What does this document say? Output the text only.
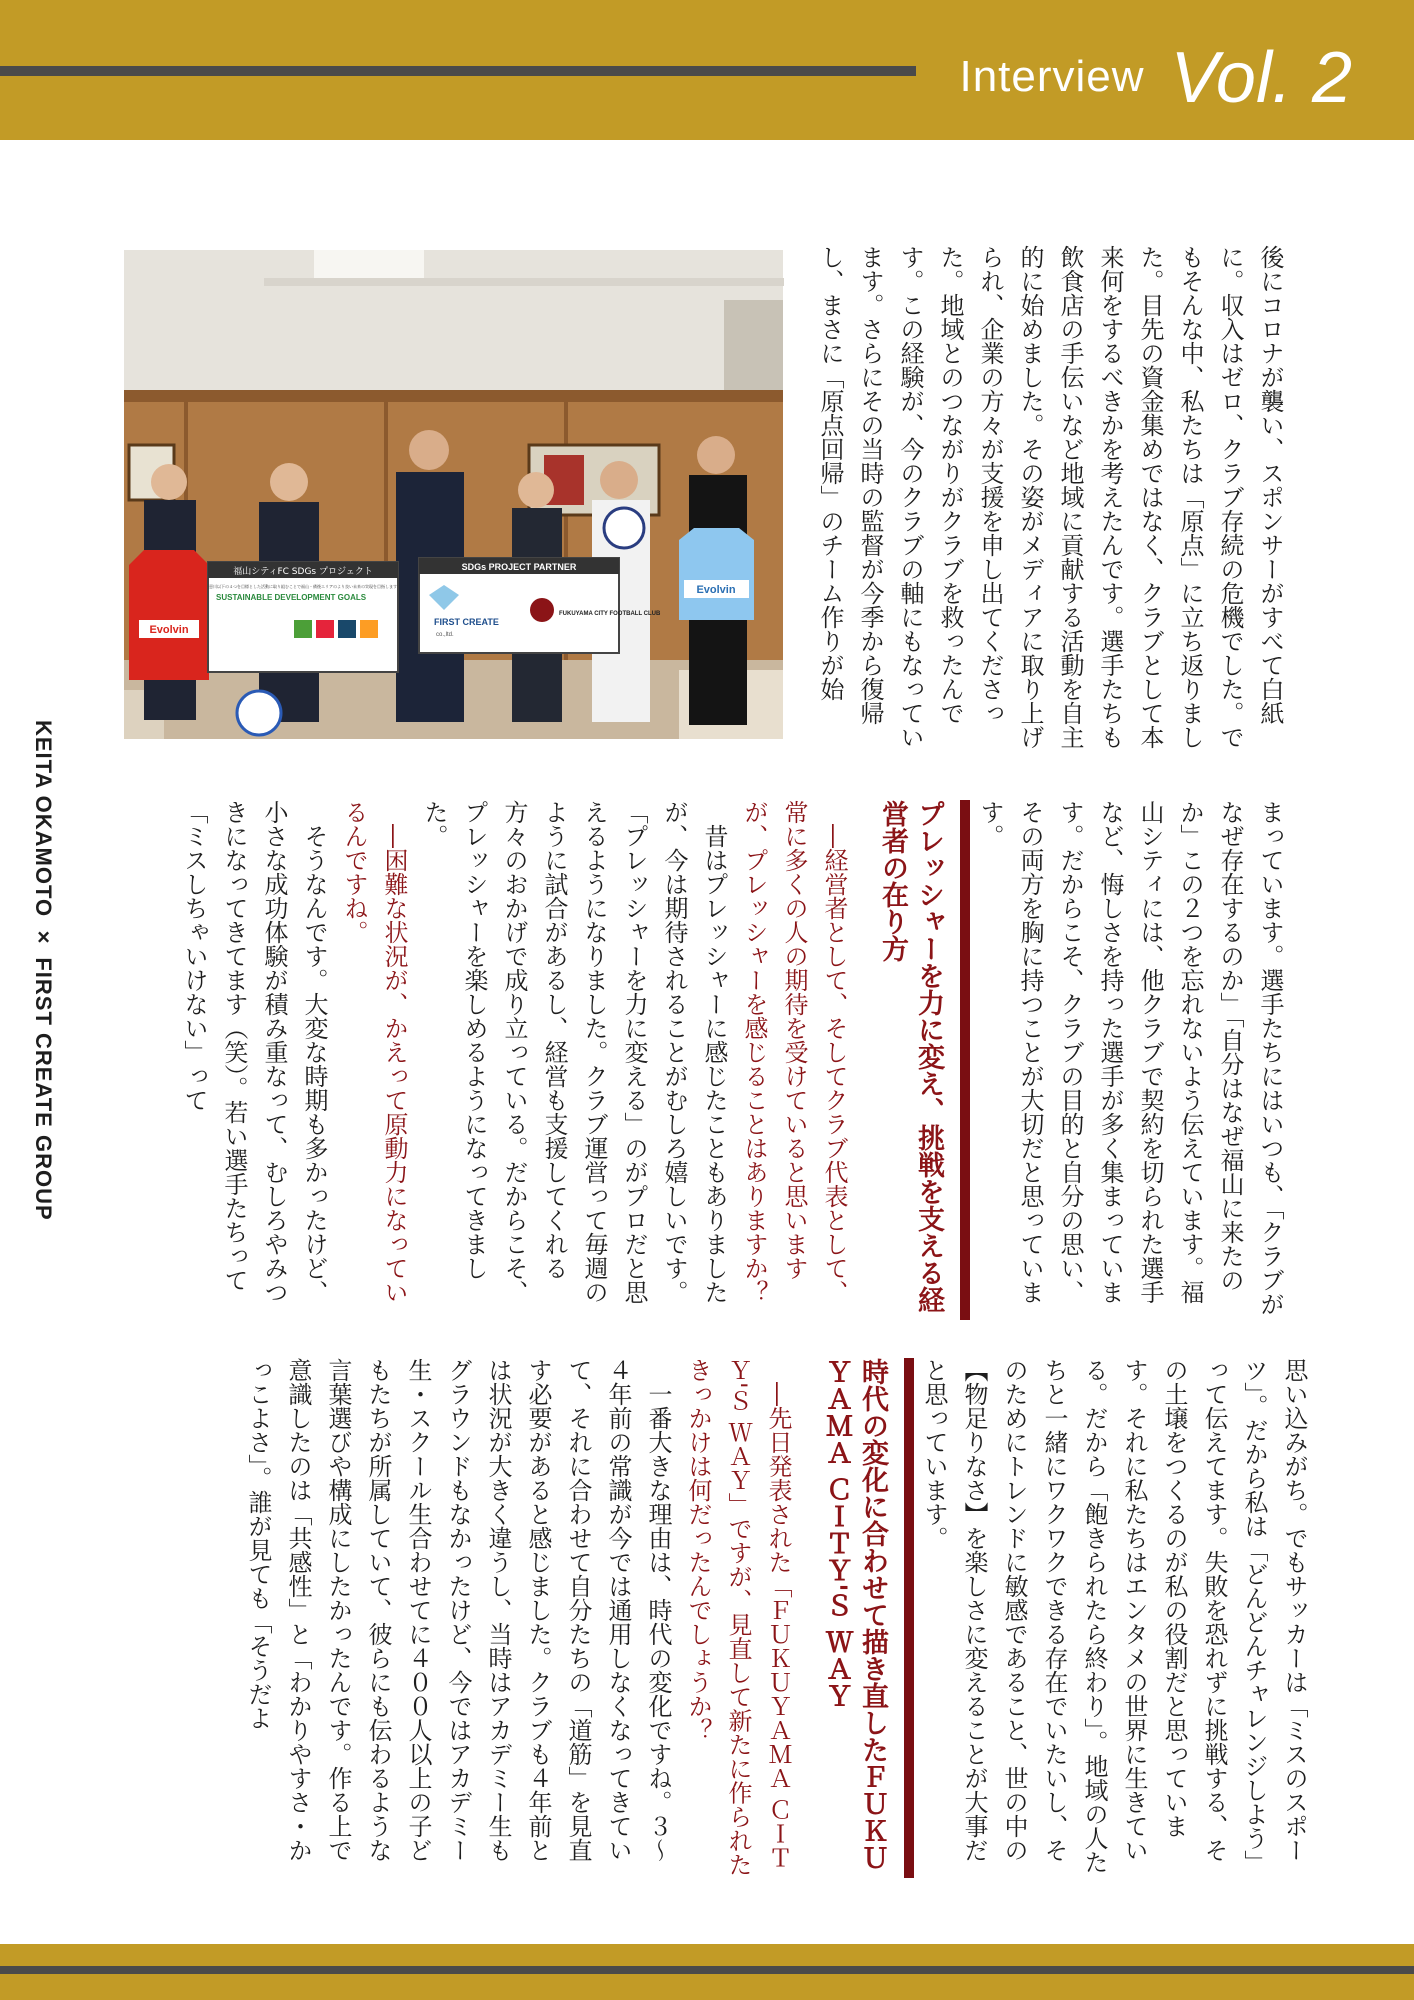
Interview Vol. 2
Evolvin
Evolvin
福山シティFC SDGs プロジェクト
SUSTAINABLE DEVELOPMENT GOALS
恵川以下の４つを目標とした活動に取り組むことで福山・備後エリアのより良い未来の実現を目指します
SDGs PROJECT PARTNER
FIRST CREATE
co.,ltd.
FUKUYAMA CITY FOOTBALL CLUB	後にコロナが襲い、スポンサーがすべて白紙に。収入はゼロ、クラブ存続の危機でした。でもそんな中、私たちは「原点」に立ち返りました。目先の資金集めではなく、クラブとして本来何をするべきかを考えたんです。選手たちも飲食店の手伝いなど地域に貢献する活動を自主的に始めました。その姿がメディアに取り上げられ、企業の方々が支援を申し出てくださった。地域とのつながりがクラブを救ったんです。この経験が、今のクラブの軸にもなっています。さらにその当時の監督が今季から復帰し、まさに「原点回帰」のチーム作りが始

まっています。選手たちにはいつも、「クラブがなぜ存在するのか」「自分はなぜ福山に来たのか」この２つを忘れないよう伝えています。福山シティには、他クラブで契約を切られた選手など、悔しさを持った選手が多く集まっています。だからこそ、クラブの目的と自分の思い、その両方を胸に持つことが大切だと思っています。

プレッシャーを力に変え、挑戦を支える経営者の在り方

―経営者として、そしてクラブ代表として、常に多くの人の期待を受けていると思いますが、プレッシャーを感じることはありますか？

昔はプレッシャーに感じたこともありましたが、今は期待されることがむしろ嬉しいです。「プレッシャーを力に変える」のがプロだと思えるようになりました。クラブ運営って毎週のように試合があるし、経営も支援してくれる方々のおかげで成り立っている。だからこそ、プレッシャーを楽しめるようになってきました。

―困難な状況が、かえって原動力になっているんですね。

そうなんです。大変な時期も多かったけど、小さな成功体験が積み重なって、むしろやみつきになってきてます（笑）。若い選手たちって「ミスしちゃいけない」って

思い込みがち。でもサッカーは「ミスのスポーツ」。だから私は「どんどんチャレンジしよう」って伝えてます。失敗を恐れずに挑戦する、その土壌をつくるのが私の役割だと思っています。それに私たちはエンタメの世界に生きている。だから「飽きられたら終わり」。地域の人たちと一緒にワクワクできる存在でいたいし、そのためにトレンドに敏感であること、世の中の【物足りなさ】を楽しさに変えることが大事だと思っています。

時代の変化に合わせて描き直したＦＵＫＵＹＡＭＡ ＣＩＴＹ'Ｓ ＷＡＹ

―先日発表された「ＦＵＫＵＹＡＭＡ ＣＩＴＹ'Ｓ ＷＡＹ」ですが、見直して新たに作られたきっかけは何だったんでしょうか？

一番大きな理由は、時代の変化ですね。３～４年前の常識が今では通用しなくなってきていて、それに合わせて自分たちの「道筋」を見直す必要があると感じました。クラブも４年前とは状況が大きく違うし、当時はアカデミー生もグラウンドもなかったけど、今ではアカデミー生・スクール生合わせてに４００人以上の子どもたちが所属していて、彼らにも伝わるような言葉選びや構成にしたかったんです。作る上で意識したのは「共感性」と「わかりやすさ・かっこよさ」。誰が見ても「そうだよ

KEITA OKAMOTO × FIRST CREATE GROUP
